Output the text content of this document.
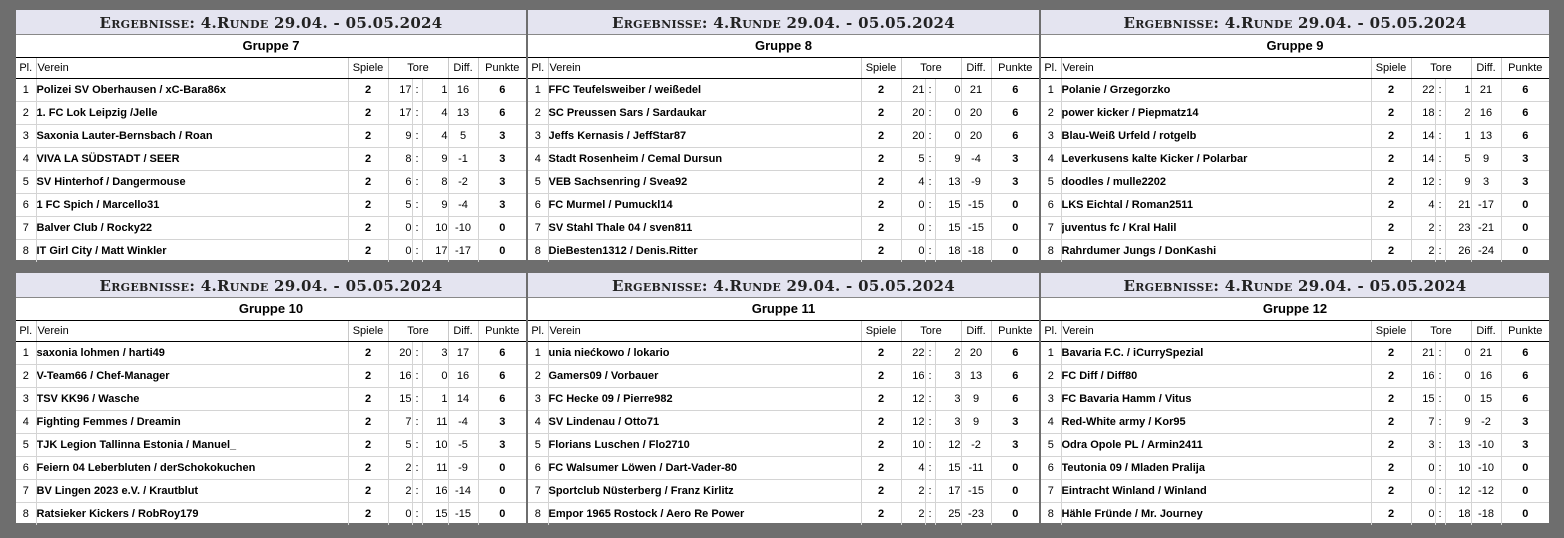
Ergebnisse: 4.Runde 29.04. - 05.05.2024
Gruppe 7
Pl.	Verein	Spiele	Tore			Diff.	Punkte
1	Polizei SV Oberhausen / xC-Bara86x	2	17	:	1	16	6
2	1. FC Lok Leipzig /Jelle	2	17	:	4	13	6
3	Saxonia Lauter-Bernsbach / Roan	2	9	:	4	5	3
4	VIVA LA SÜDSTADT / SEER	2	8	:	9	-1	3
5	SV Hinterhof / Dangermouse	2	6	:	8	-2	3
6	1 FC Spich / Marcello31	2	5	:	9	-4	3
7	Balver Club / Rocky22	2	0	:	10	-10	0
8	IT Girl City / Matt Winkler	2	0	:	17	-17	0
Ergebnisse: 4.Runde 29.04. - 05.05.2024
Gruppe 8
Pl.	Verein	Spiele	Tore			Diff.	Punkte
1	FFC Teufelsweiber / weißedel	2	21	:	0	21	6
2	SC Preussen Sars / Sardaukar	2	20	:	0	20	6
3	Jeffs Kernasis / JeffStar87	2	20	:	0	20	6
4	Stadt Rosenheim / Cemal Dursun	2	5	:	9	-4	3
5	VEB Sachsenring / Svea92	2	4	:	13	-9	3
6	FC Murmel / Pumuckl14	2	0	:	15	-15	0
7	SV Stahl Thale 04 / sven811	2	0	:	15	-15	0
8	DieBesten1312 / Denis.Ritter	2	0	:	18	-18	0
Ergebnisse: 4.Runde 29.04. - 05.05.2024
Gruppe 9
Pl.	Verein	Spiele	Tore			Diff.	Punkte
1	Polanie / Grzegorzko	2	22	:	1	21	6
2	power kicker / Piepmatz14	2	18	:	2	16	6
3	Blau-Weiß Urfeld / rotgelb	2	14	:	1	13	6
4	Leverkusens kalte Kicker / Polarbar	2	14	:	5	9	3
5	doodles / mulle2202	2	12	:	9	3	3
6	LKS Eichtal / Roman2511	2	4	:	21	-17	0
7	juventus fc / Kral Halil	2	2	:	23	-21	0
8	Rahrdumer Jungs / DonKashi	2	2	:	26	-24	0
Ergebnisse: 4.Runde 29.04. - 05.05.2024
Gruppe 10
Pl.	Verein	Spiele	Tore			Diff.	Punkte
1	saxonia lohmen / harti49	2	20	:	3	17	6
2	V-Team66 / Chef-Manager	2	16	:	0	16	6
3	TSV KK96 / Wasche	2	15	:	1	14	6
4	Fighting Femmes / Dreamin	2	7	:	11	-4	3
5	TJK Legion Tallinna Estonia / Manuel_	2	5	:	10	-5	3
6	Feiern 04 Leberbluten / derSchokokuchen	2	2	:	11	-9	0
7	BV Lingen 2023 e.V. / Krautblut	2	2	:	16	-14	0
8	Ratsieker Kickers / RobRoy179	2	0	:	15	-15	0
Ergebnisse: 4.Runde 29.04. - 05.05.2024
Gruppe 11
Pl.	Verein	Spiele	Tore			Diff.	Punkte
1	unia niećkowo / lokario	2	22	:	2	20	6
2	Gamers09 / Vorbauer	2	16	:	3	13	6
3	FC Hecke 09 / Pierre982	2	12	:	3	9	6
4	SV Lindenau / Otto71	2	12	:	3	9	3
5	Florians Luschen / Flo2710	2	10	:	12	-2	3
6	FC Walsumer Löwen / Dart-Vader-80	2	4	:	15	-11	0
7	Sportclub Nüsterberg / Franz Kirlitz	2	2	:	17	-15	0
8	Empor 1965 Rostock / Aero Re Power	2	2	:	25	-23	0
Ergebnisse: 4.Runde 29.04. - 05.05.2024
Gruppe 12
Pl.	Verein	Spiele	Tore			Diff.	Punkte
1	Bavaria F.C. / iCurrySpezial	2	21	:	0	21	6
2	FC Diff / Diff80	2	16	:	0	16	6
3	FC Bavaria Hamm / Vitus	2	15	:	0	15	6
4	Red-White army / Kor95	2	7	:	9	-2	3
5	Odra Opole PL / Armin2411	2	3	:	13	-10	3
6	Teutonia 09 / Mladen Pralija	2	0	:	10	-10	0
7	Eintracht Winland / Winland	2	0	:	12	-12	0
8	Hähle Fründe / Mr. Journey	2	0	:	18	-18	0
